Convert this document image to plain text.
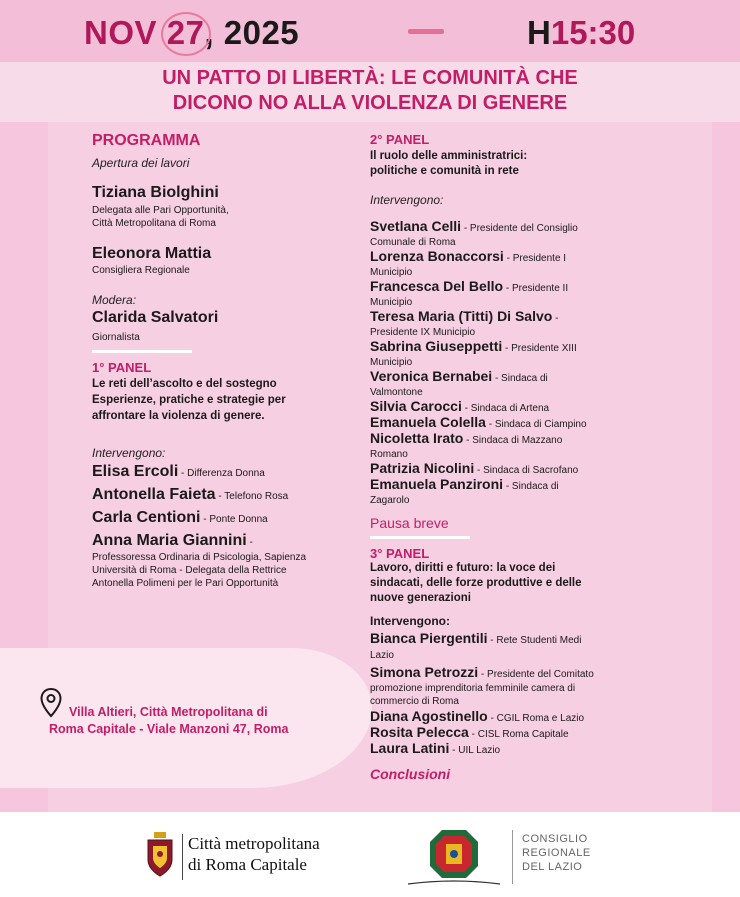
NOV 27, 2025	H15:30
UN PATTO DI LIBERTÀ: LE COMUNITÀ CHE
DICONO NO ALLA VIOLENZA DI GENERE
PROGRAMMA
Apertura dei lavori
Tiziana Biolghini
Delegata alle Pari Opportunità,
Città Metropolitana di Roma
Eleonora Mattia
Consigliera Regionale
Modera:
Clarida Salvatori
Giornalista
1° PANEL
Le reti dell’ascolto e del sostegno
Esperienze, pratiche e strategie per
affrontare la violenza di genere.
Intervengono:
Elisa Ercoli - Differenza Donna
Antonella Faieta - Telefono Rosa
Carla Centioni - Ponte Donna
Anna Maria Giannini -
Professoressa Ordinaria di Psicologia, Sapienza
Università di Roma - Delegata della Rettrice
Antonella Polimeni per le Pari Opportunità
Villa Altieri, Città Metropolitana di
Roma Capitale - Viale Manzoni 47, Roma
2° PANEL
Il ruolo delle amministratrici:
politiche e comunità in rete
Intervengono:
Svetlana Celli - Presidente del Consiglio
Comunale di Roma
Lorenza Bonaccorsi - Presidente I
Municipio
Francesca Del Bello - Presidente II
Municipio
Teresa Maria (Titti) Di Salvo -
Presidente IX Municipio
Sabrina Giuseppetti - Presidente XIII
Municipio
Veronica Bernabei - Sindaca di
Valmontone
Silvia Carocci - Sindaca di Artena
Emanuela Colella - Sindaca di Ciampino
Nicoletta Irato - Sindaca di Mazzano
Romano
Patrizia Nicolini - Sindaca di Sacrofano
Emanuela Panzironi - Sindaca di
Zagarolo
Pausa breve
3° PANEL
Lavoro, diritti e futuro: la voce dei
sindacati, delle forze produttive e delle
nuove generazioni
Intervengono:
Bianca Piergentili - Rete Studenti Medi
Lazio
Simona Petrozzi - Presidente del Comitato
promozione imprenditoria femminile camera di
commercio di Roma
Diana Agostinello - CGIL Roma e Lazio
Rosita Pelecca - CISL Roma Capitale
Laura Latini - UIL Lazio
Conclusioni
Città metropolitana
di Roma Capitale
CONSIGLIO
REGIONALE
DEL LAZIO
